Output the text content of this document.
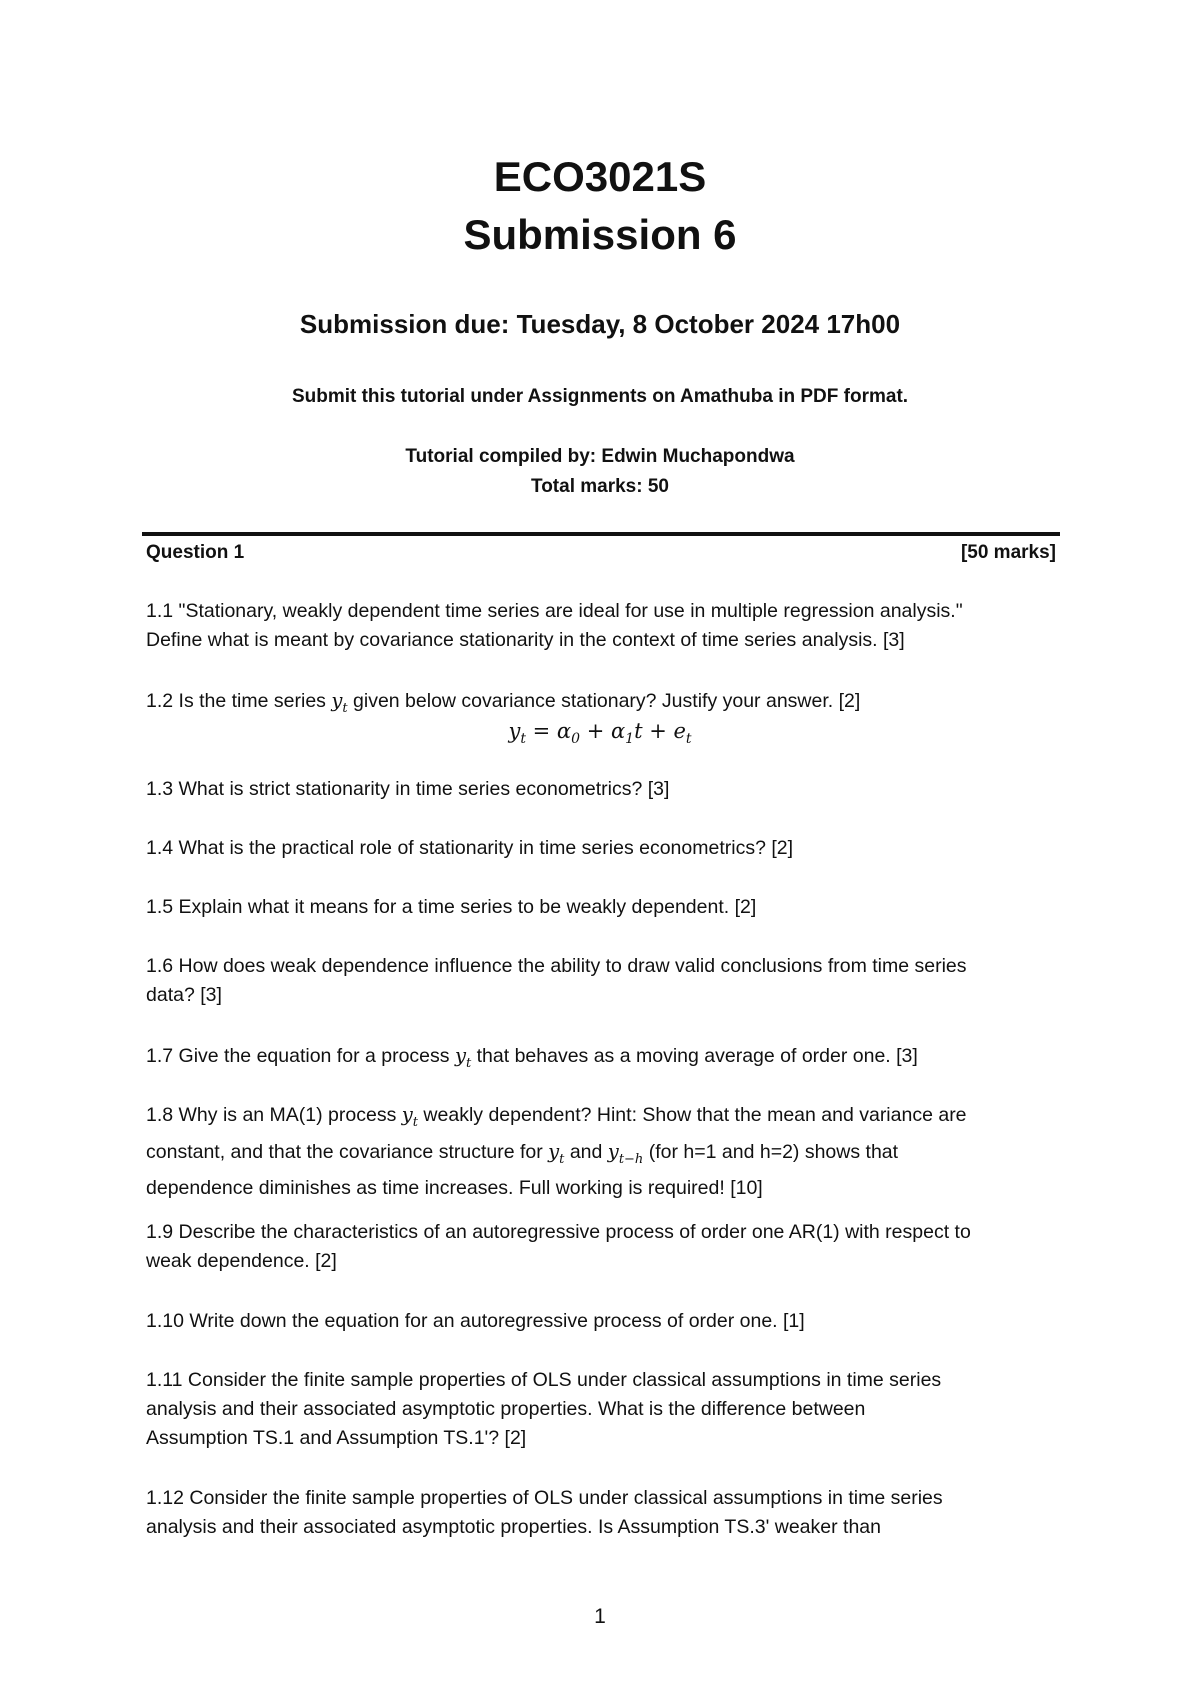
ECO3021S
Submission 6
Submission due: Tuesday, 8 October 2024 17h00
Submit this tutorial under Assignments on Amathuba in PDF format.
Tutorial compiled by: Edwin Muchapondwa
Total marks: 50
Question 1	[50 marks]
1.1 "Stationary, weakly dependent time series are ideal for use in multiple regression analysis."
Define what is meant by covariance stationarity in the context of time series analysis. [3]
1.2 Is the time series $y_t$ given below covariance stationary? Justify your answer. [2]
$y_t = \alpha_0 + \alpha_1t + e_t$
1.3 What is strict stationarity in time series econometrics? [3]
1.4 What is the practical role of stationarity in time series econometrics? [2]
1.5 Explain what it means for a time series to be weakly dependent. [2]
1.6 How does weak dependence influence the ability to draw valid conclusions from time series
data? [3]
1.7 Give the equation for a process $y_t$ that behaves as a moving average of order one. [3]
1.8 Why is an MA(1) process $y_t$ weakly dependent? Hint: Show that the mean and variance are
constant, and that the covariance structure for $y_t$ and $y_{t-h}$ (for h=1 and h=2) shows that
dependence diminishes as time increases. Full working is required! [10]
1.9 Describe the characteristics of an autoregressive process of order one AR(1) with respect to
weak dependence. [2]
1.10 Write down the equation for an autoregressive process of order one. [1]
1.11 Consider the finite sample properties of OLS under classical assumptions in time series
analysis and their associated asymptotic properties. What is the difference between
Assumption TS.1 and Assumption TS.1'? [2]
1.12 Consider the finite sample properties of OLS under classical assumptions in time series
analysis and their associated asymptotic properties. Is Assumption TS.3' weaker than
1
